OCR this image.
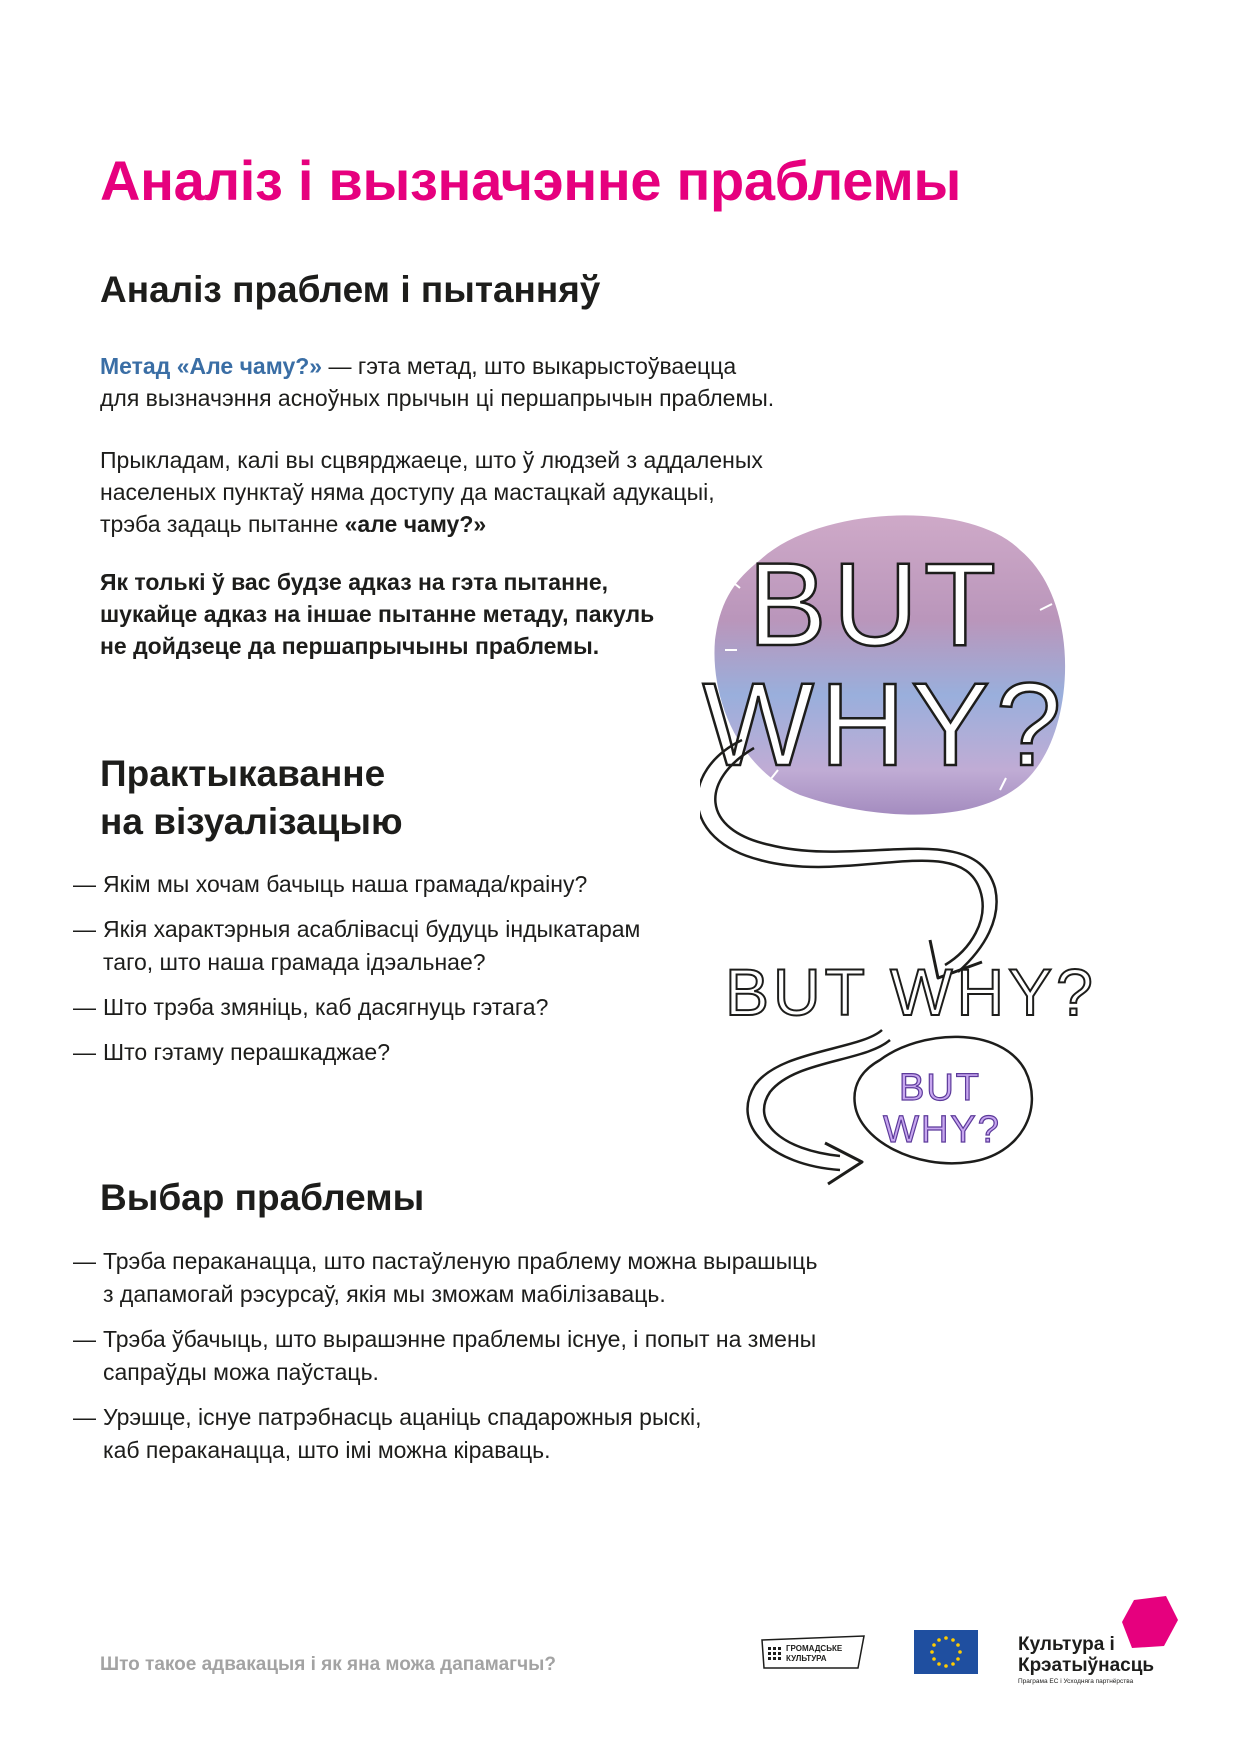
Аналіз і вызначэнне праблемы
Аналіз праблем і пытанняў
Метад «Але чаму?» — гэта метад, што выкарыстоўваецца
для вызначэння асноўных прычын ці першапрычын праблемы.
Прыкладам, калі вы сцвярджаеце, што ў людзей з аддаленых
населеных пунктаў няма доступу да мастацкай адукацыі,
трэба задаць пытанне «але чаму?»
Як толькі ў вас будзе адказ на гэта пытанне,
шукайце адказ на іншае пытанне метаду, пакуль
не дойдзеце да першапрычыны праблемы.
Практыкаванне
на візуалізацыю
— Якім мы хочам бачыць наша грамада/краіну?
— Якія характэрныя асаблівасці будуць індыкатарам
таго, што наша грамада ідэальнае?
— Што трэба змяніць, каб дасягнуць гэтага?
— Што гэтаму перашкаджае?
Выбар праблемы
— Трэба пераканацца, што пастаўленую праблему можна вырашыць
з дапамогай рэсурсаў, якія мы зможам мабілізаваць.
— Трэба ўбачыць, што вырашэнне праблемы існуе, і попыт на змены
сапраўды можа паўстаць.
— Урэшце, існуе патрэбнасць ацаніць спадарожныя рыскі,
каб пераканацца, што імі можна кіраваць.
BUT
WHY?
BUT WHY?
BUT
WHY?
Што такое адвакацыя і як яна можа дапамагчы?
ГРОМАДСЬКЕ
КУЛЬТУРА
Культура і
Крэатыўнасць
Праграма ЕС і Усходняга партнёрства
